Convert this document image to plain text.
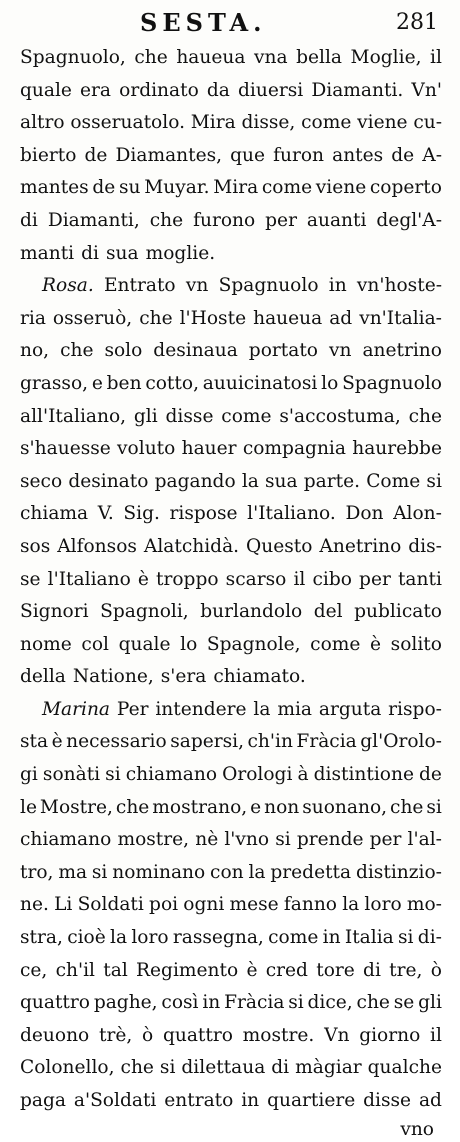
SESTA.	281
Spagnuolo, che haueua vna bella Moglie, il
quale era ordinato da diuersi Diamanti. Vn'
altro osseruatolo. Mira disse, come viene cu-
bierto de Diamantes, que furon antes de A-
mantes de su Muyar. Mira come viene coperto
di Diamanti, che furono per auanti degl'A-
manti di sua moglie.
Rosa. Entrato vn Spagnuolo in vn'hoste-
ria osseruò, che l'Hoste haueua ad vn'Italia-
no, che solo desinaua portato vn anetrino
grasso, e ben cotto, auuicinatosi lo Spagnuolo
all'Italiano, gli disse come s'accostuma, che
s'hauesse voluto hauer compagnia haurebbe
seco desinato pagando la sua parte. Come si
chiama V. Sig. rispose l'Italiano. Don Alon-
sos Alfonsos Alatchidà. Questo Anetrino dis-
se l'Italiano è troppo scarso il cibo per tanti
Signori Spagnoli, burlandolo del publicato
nome col quale lo Spagnole, come è solito
della Natione, s'era chiamato.
Marina Per intendere la mia arguta rispo-
sta è necessario sapersi, ch'in Fràcia gl'Orolo-
gi sonàti si chiamano Orologi à distintione de
le Mostre, che mostrano, e non suonano, che si
chiamano mostre, nè l'vno si prende per l'al-
tro, ma si nominano con la predetta distinzio-
ne. Li Soldati poi ogni mese fanno la loro mo-
stra, cioè la loro rassegna, come in Italia si di-
ce, ch'il tal Regimento è cred tore di tre, ò
quattro paghe, così in Fràcia si dice, che se gli
deuono trè, ò quattro mostre. Vn giorno il
Colonello, che si dilettaua di màgiar qualche
paga a'Soldati entrato in quartiere disse ad
vno
